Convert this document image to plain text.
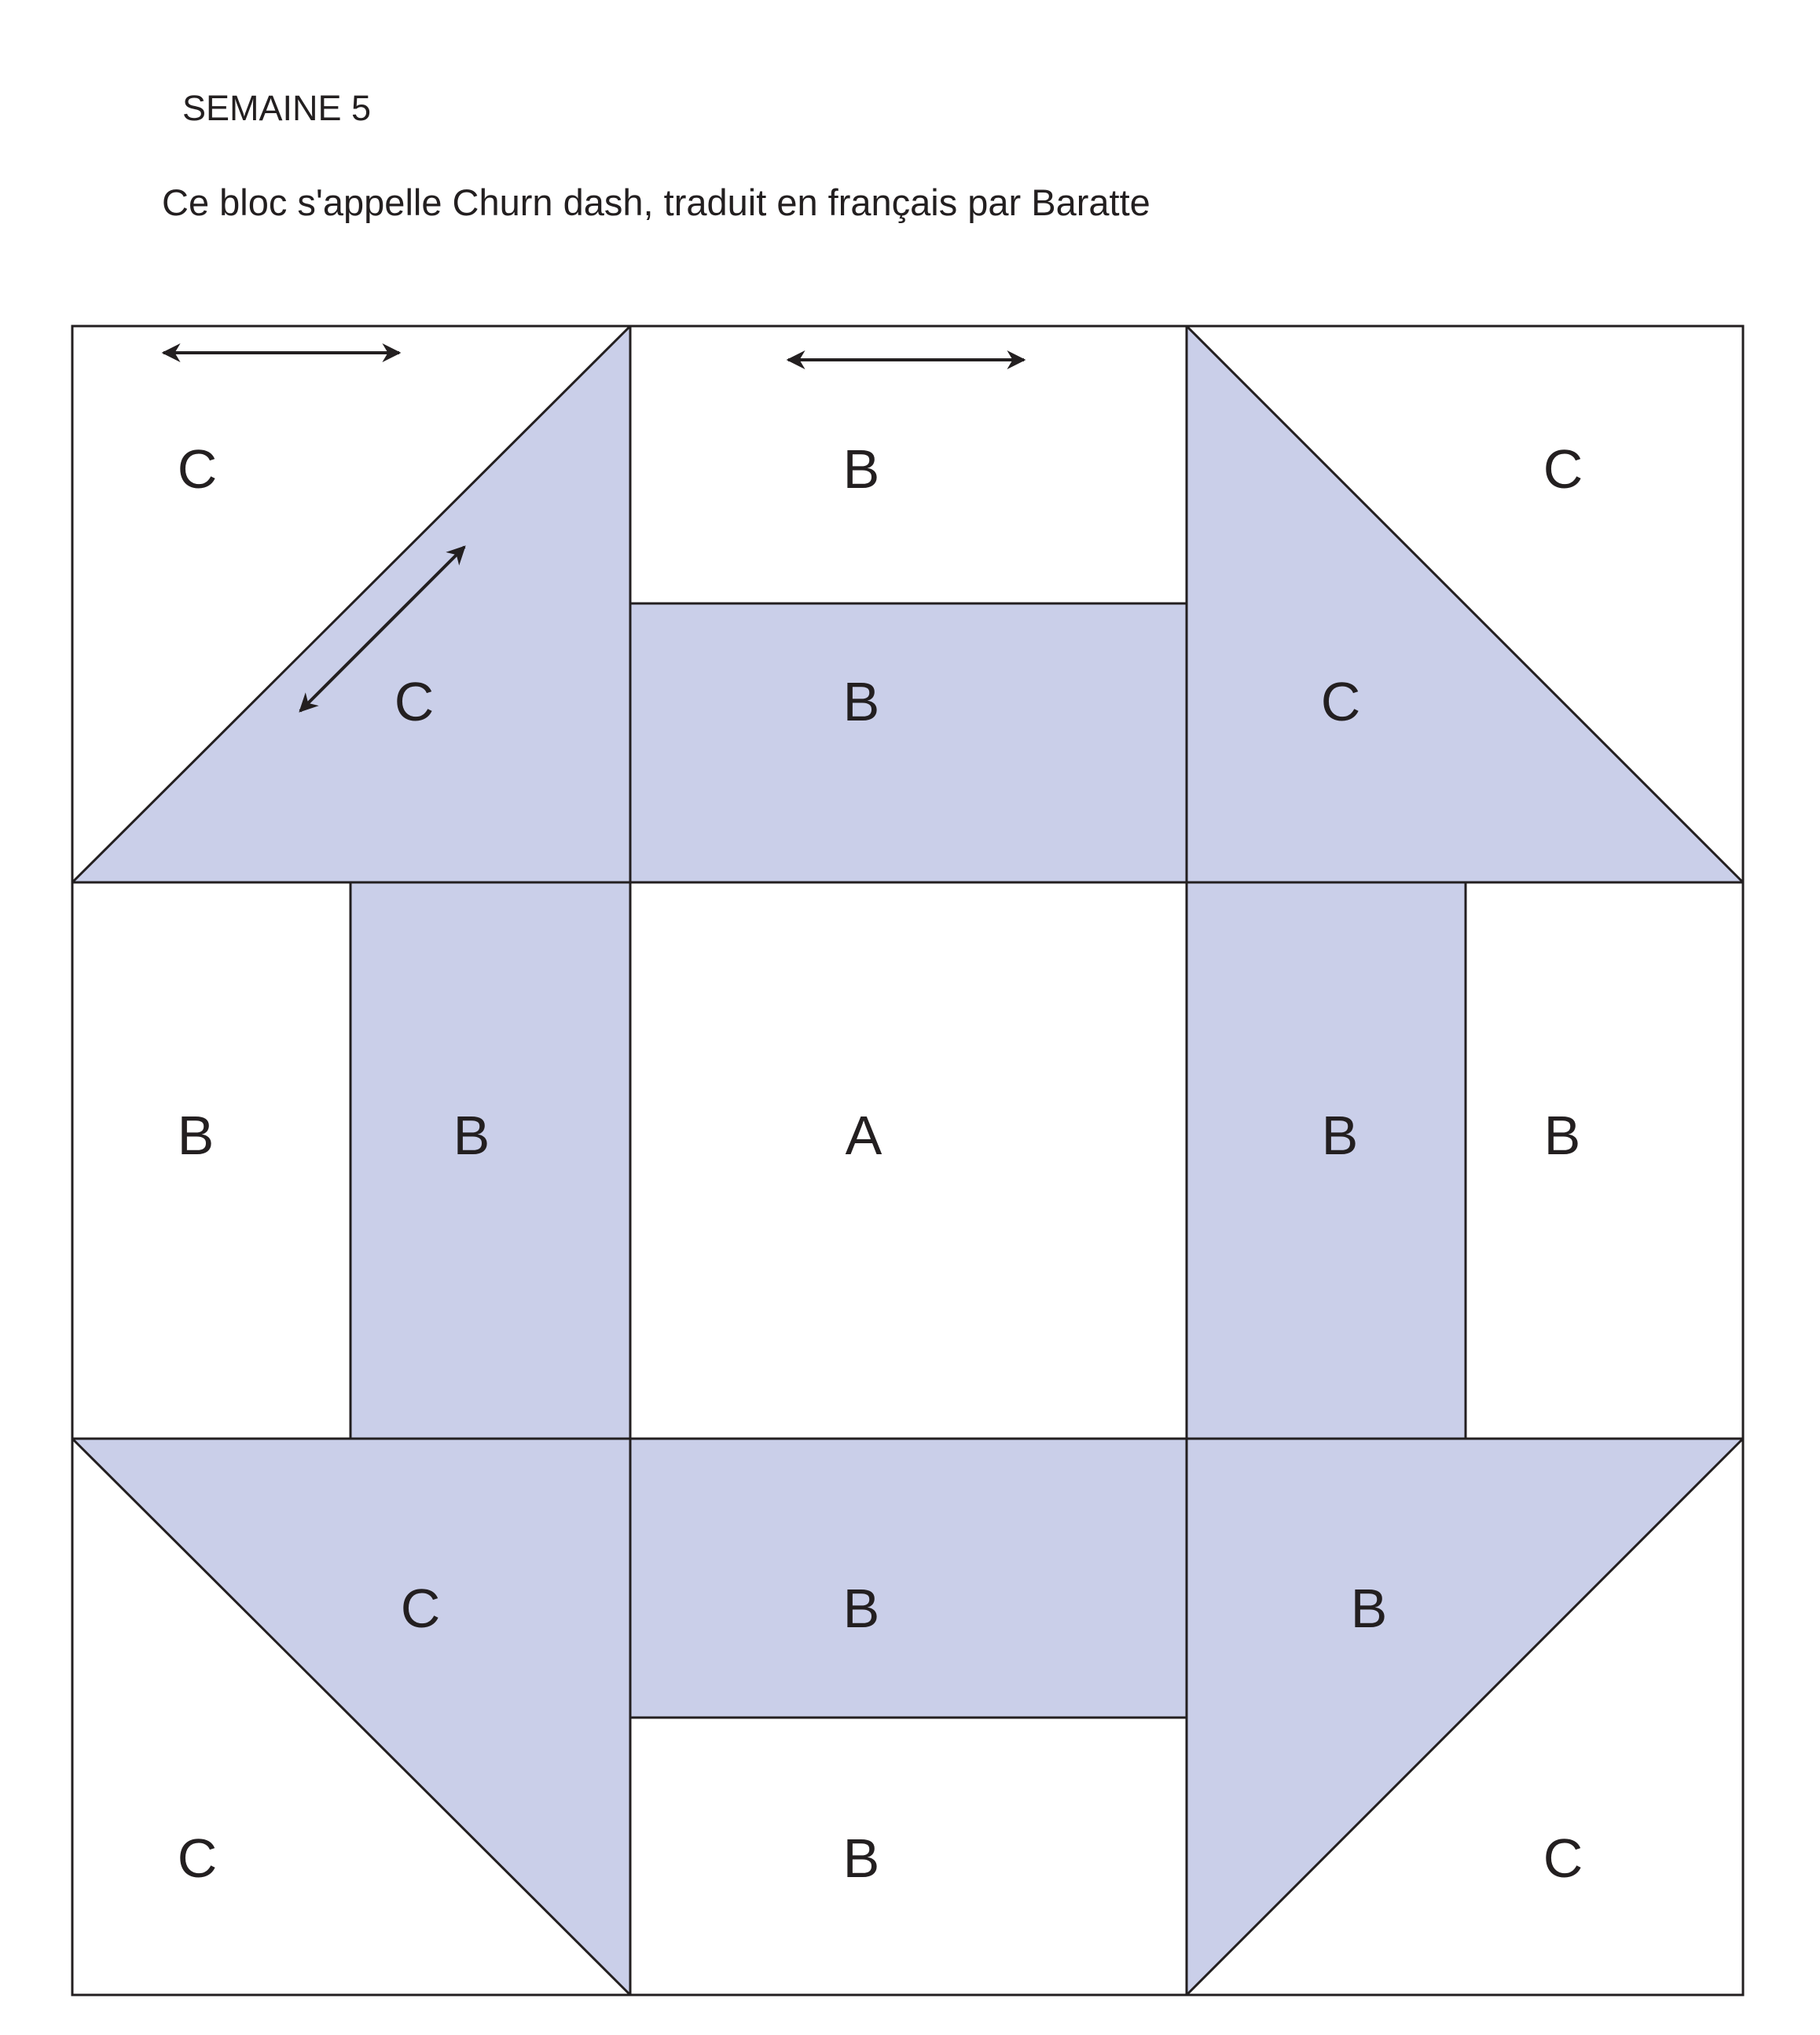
SEMAINE 5
Ce bloc s'appelle Churn dash, traduit en français par Baratte
C
C
B
B
C
C
B	B	A	B	B
C
C
B
B
B
C
